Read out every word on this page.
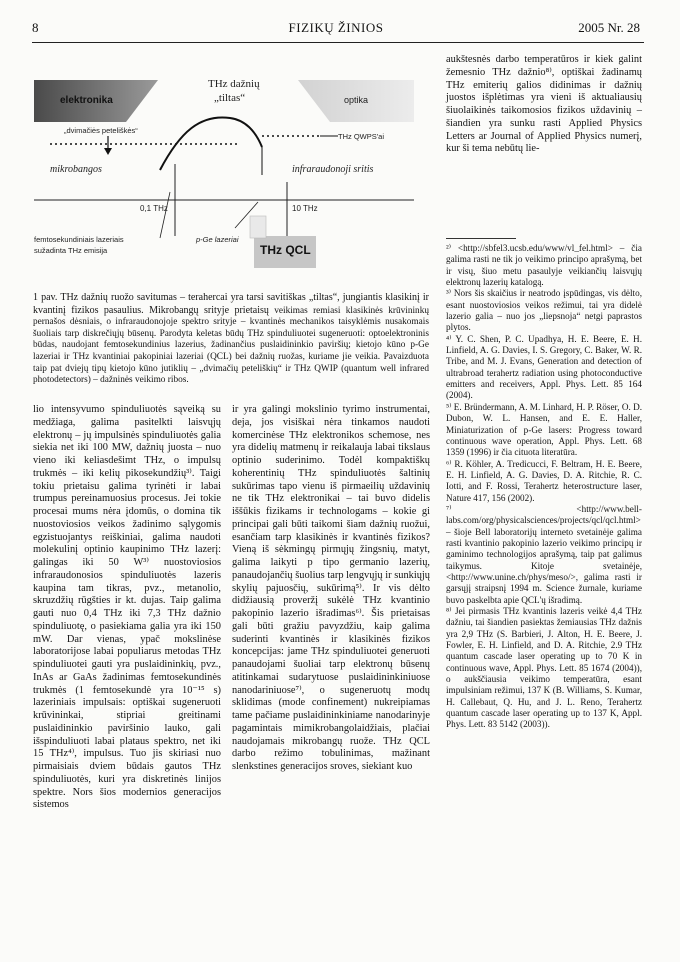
8	FIZIKŲ ŽINIOS	2005 Nr. 28
elektronika	optika
THz dažnių
„tiltas“
„dvimačiės peteliškės“
THz QWPS'ai
mikrobangos	infraraudonoji sritis
0,1 THz	10 THz
femtosekundiniais lazeriais
sužadinta THz emisija
p-Ge lazeriai
THz QCL
1 pav. THz dažnių ruožo savitumas – terahercai yra tarsi savitiškas „tiltas“, jungiantis klasikinį ir kvantinį fizikos pasaulius. Mikrobangų srityje prietaisų veikimas remiasi klasikinės krūvininkų pernašos dėsniais, o infraraudonojoje spektro srityje – kvantinės mechanikos taisyklėmis nusakomais šuoliais tarp diskrečiųjų būsenų. Parodyta keletas būdų THz spinduliuotei sugeneruoti: optoelektroninis būdas, naudojant femtosekundinius lazerius, žadinančius puslaidininkio paviršių; kietojo kūno p-Ge lazeriai ir THz kvantiniai pakopiniai lazeriai (QCL) bei dažnių ruožas, kuriame jie veikia. Pavaizduota taip pat dviejų tipų kietojo kūno jutiklių – „dvimačių peteliškių“ ir THz QWIP (quantum well infrared photodetectors) – dažninės veikimo ribos.

lio intensyvumo spinduliuotės sąveiką su medžiaga, galima pasitelkti laisvųjų elektronų – jų impulsinės spinduliuotės galia siekia net iki 100 MW, dažnių juosta – nuo vieno iki keliasdešimt THz, o impulsų trukmės – iki kelių pikosekundžių³⁾. Taigi tokiu prietaisu galima tyrinėti ir labai trumpus pereinamuosius procesus. Jei tokie procesai mums nėra įdomūs, o domina tik nuostoviosios veikos žadinimo sąlygomis egzistuojantys reiškiniai, galima naudoti molekulinį optinio kaupinimo THz lazerį: galingas iki 50 W³⁾ nuostoviosios infraraudonosios spinduliuotės lazeris kaupina tam tikras, pvz., metanolio, skruzdžių rūgšties ir kt. dujas. Taip galima gauti nuo 0,4 THz iki 7,3 THz dažnio spinduliuotę, o pasiekiama galia yra iki 150 mW. Dar vienas, ypač mokslinėse laboratorijose labai populiarus metodas THz spinduliuotei gauti yra puslaidininkių, pvz., InAs ar GaAs žadinimas femtosekundinės trukmės (1 femtosekundė yra 10⁻¹⁵ s) lazeriniais impulsais: optiškai sugeneruoti krūvininkai, stipriai greitinami puslaidininkio paviršinio lauko, gali išspinduliuoti labai plataus spektro, net iki 15 THz⁴⁾, impulsus. Tuo jis skiriasi nuo pirmaisiais dviem būdais gautos THz spinduliuotės, kuri yra diskretinės linijos spektre. Nors šios modernios generacijos sistemos

ir yra galingi mokslinio tyrimo instrumentai, deja, jos visiškai nėra tinkamos naudoti komercinėse THz elektronikos schemose, nes yra didelių matmenų ir reikalauja labai tikslaus optinio suderinimo. Todėl kompaktiškų koherentinių THz spinduliuotės šaltinių sukūrimas tapo vienu iš pirmaeilių uždavinių ne tik THz elektronikai – tai buvo didelis iššūkis fizikams ir technologams – kokie gi principai gali būti taikomi šiam dažnių ruožui, esančiam tarp klasikinės ir kvantinės fizikos? Vieną iš sėkmingų pirmųjų žingsnių, matyt, galima laikyti p tipo germanio lazerių, panaudojančių šuolius tarp lengvųjų ir sunkiųjų skylių pajuosčių, sukūrimą⁵⁾. Ir vis dėlto didžiausią proveržį sukėlė THz kvantinio pakopinio lazerio išradimas⁶⁾. Šis prietaisas gali būti gražiu pavyzdžiu, kaip galima suderinti kvantinės ir klasikinės fizikos koncepcijas: jame THz spinduliuotei generuoti panaudojami šuoliai tarp elektronų būsenų atitinkamai sudarytuose puslaidininkiniuose nanodariniuose⁷⁾, o sugeneruotų modų sklidimas (mode confinement) nukreipiamas tame pačiame puslaidininkiniame nanodarinyje pagamintais mimikrobangolaidžiais, plačiai naudojamais mikrobangų ruože. THz QCL darbo režimo tobulinimas, mažinant slenkstines generacijos sroves, siekiant kuo

aukštesnės darbo temperatūros ir kiek galint žemesnio THz dažnio⁸⁾, optiškai žadinamų THz emiterių galios didinimas ir dažnių juostos išplėtimas yra vieni iš aktualiausių šiuolaikinės taikomosios fizikos uždavinių – šiandien yra sunku rasti Applied Physics Letters ar Journal of Applied Physics numerį, kur ši tema nebūtų lie-

²⁾ <http://sbfel3.ucsb.edu/www/vl_fel.html> – čia galima rasti ne tik jo veikimo principo aprašymą, bet ir visų, šiuo metu pasaulyje veikiančių laisvųjų elektronų lazerių katalogą.

³⁾ Nors šis skaičius ir neatrodo įspūdingas, vis dėlto, esant nuostoviosios veikos režimui, tai yra didelė lazerio galia – nuo jos „liepsnoja“ netgi paprastos plytos.

⁴⁾ Y. C. Shen, P. C. Upadhya, H. E. Beere, E. H. Linfield, A. G. Davies, I. S. Gregory, C. Baker, W. R. Tribe, and M. J. Evans, Generation and detection of ultrabroad terahertz radiation using photoconductive emitters and receivers, Appl. Phys. Lett. 85 164 (2004).

⁵⁾ E. Bründermann, A. M. Linhard, H. P. Röser, O. D. Dubon, W. L. Hansen, and E. E. Haller, Miniaturization of p-Ge lasers: Progress toward continuous wave operation, Appl. Phys. Lett. 68 1359 (1996) ir čia cituota literatūra.

⁶⁾ R. Köhler, A. Tredicucci, F. Beltram, H. E. Beere, E. H. Linfield, A. G. Davies, D. A. Ritchie, R. C. Iotti, and F. Rossi, Terahertz heterostructure laser, Nature 417, 156 (2002).

⁷⁾ <http://www.bell-labs.com/org/physicalsciences/projects/qcl/qcl.html> – šioje Bell laboratorijų interneto svetainėje galima rasti kvantinio pakopinio lazerio veikimo principų ir gaminimo technologijos aprašymą, taip pat galimus taikymus. Kitoje svetainėje, <http://www.unine.ch/phys/meso/>, galima rasti ir garsųjį straipsnį 1994 m. Science žurnale, kuriame buvo paskelbta apie QCL'ų išradimą.

⁸⁾ Jei pirmasis THz kvantinis lazeris veikė 4,4 THz dažniu, tai šiandien pasiektas žemiausias THz dažnis yra 2,9 THz (S. Barbieri, J. Alton, H. E. Beere, J. Fowler, E. H. Linfield, and D. A. Ritchie, 2.9 THz quantum cascade laser operating up to 70 K in continuous wave, Appl. Phys. Lett. 85 1674 (2004)), o aukščiausia veikimo temperatūra, esant impulsiniam režimui, 137 K (B. Williams, S. Kumar, H. Callebaut, Q. Hu, and J. L. Reno, Terahertz quantum cascade laser operating up to 137 K, Appl. Phys. Lett. 83 5142 (2003)).
